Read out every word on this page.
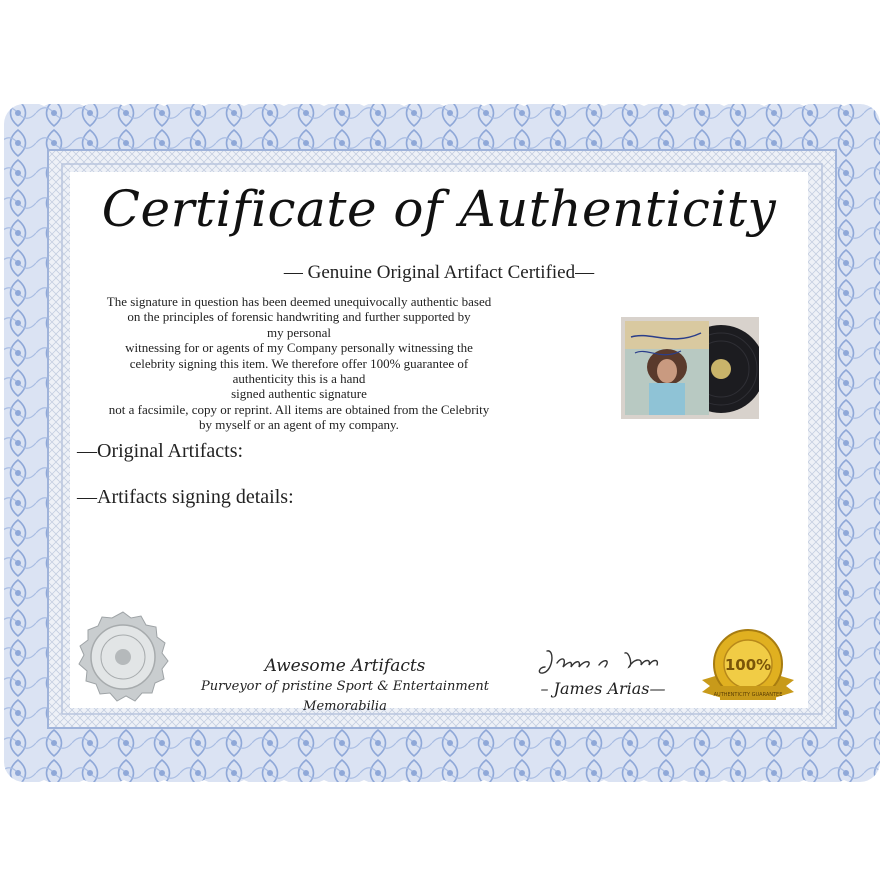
Certificate of Authenticity
— Genuine Original Artifact Certified—
The signature in question has been deemed unequivocally authentic based
on the principles of forensic handwriting and further supported by
my personal
witnessing for or agents of my Company personally witnessing the
celebrity signing this item. We therefore offer 100% guarantee of
authenticity this is a hand
signed authentic signature
not a facsimile, copy or reprint. All items are obtained from the Celebrity
by myself or an agent of my company.
—Original Artifacts:
—Artifacts signing details:
Awesome Artifacts
Purveyor of pristine Sport & Entertainment Memorabilia
– James Arias—
100%
AUTHENTICITY GUARANTEE
